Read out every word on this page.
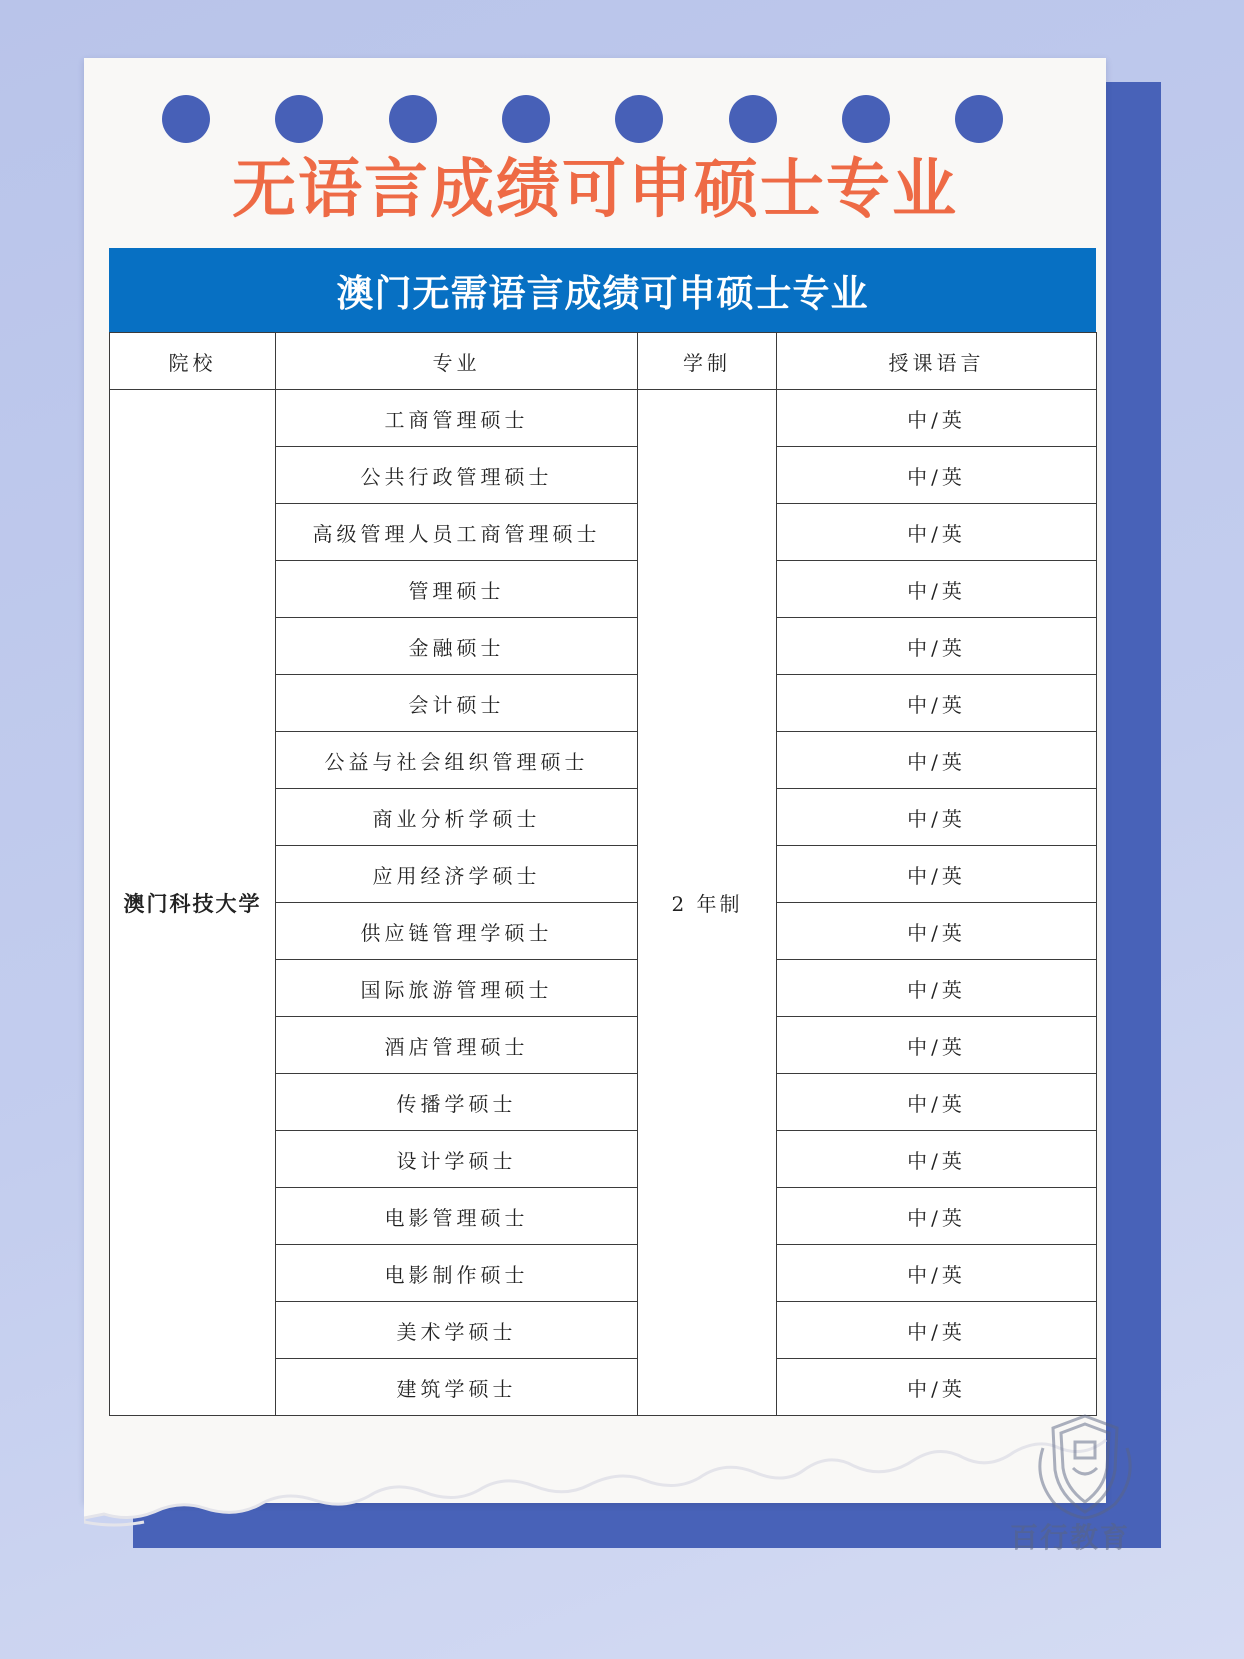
无语言成绩可申硕士专业
澳门无需语言成绩可申硕士专业
院校	专业	学制	授课语言
澳门科技大学	工商管理硕士	2 年制	中/英
	公共行政管理硕士		中/英
	高级管理人员工商管理硕士		中/英
	管理硕士		中/英
	金融硕士		中/英
	会计硕士		中/英
	公益与社会组织管理硕士		中/英
	商业分析学硕士		中/英
	应用经济学硕士		中/英
	供应链管理学硕士		中/英
	国际旅游管理硕士		中/英
	酒店管理硕士		中/英
	传播学硕士		中/英
	设计学硕士		中/英
	电影管理硕士		中/英
	电影制作硕士		中/英
	美术学硕士		中/英
	建筑学硕士		中/英

百行教育
